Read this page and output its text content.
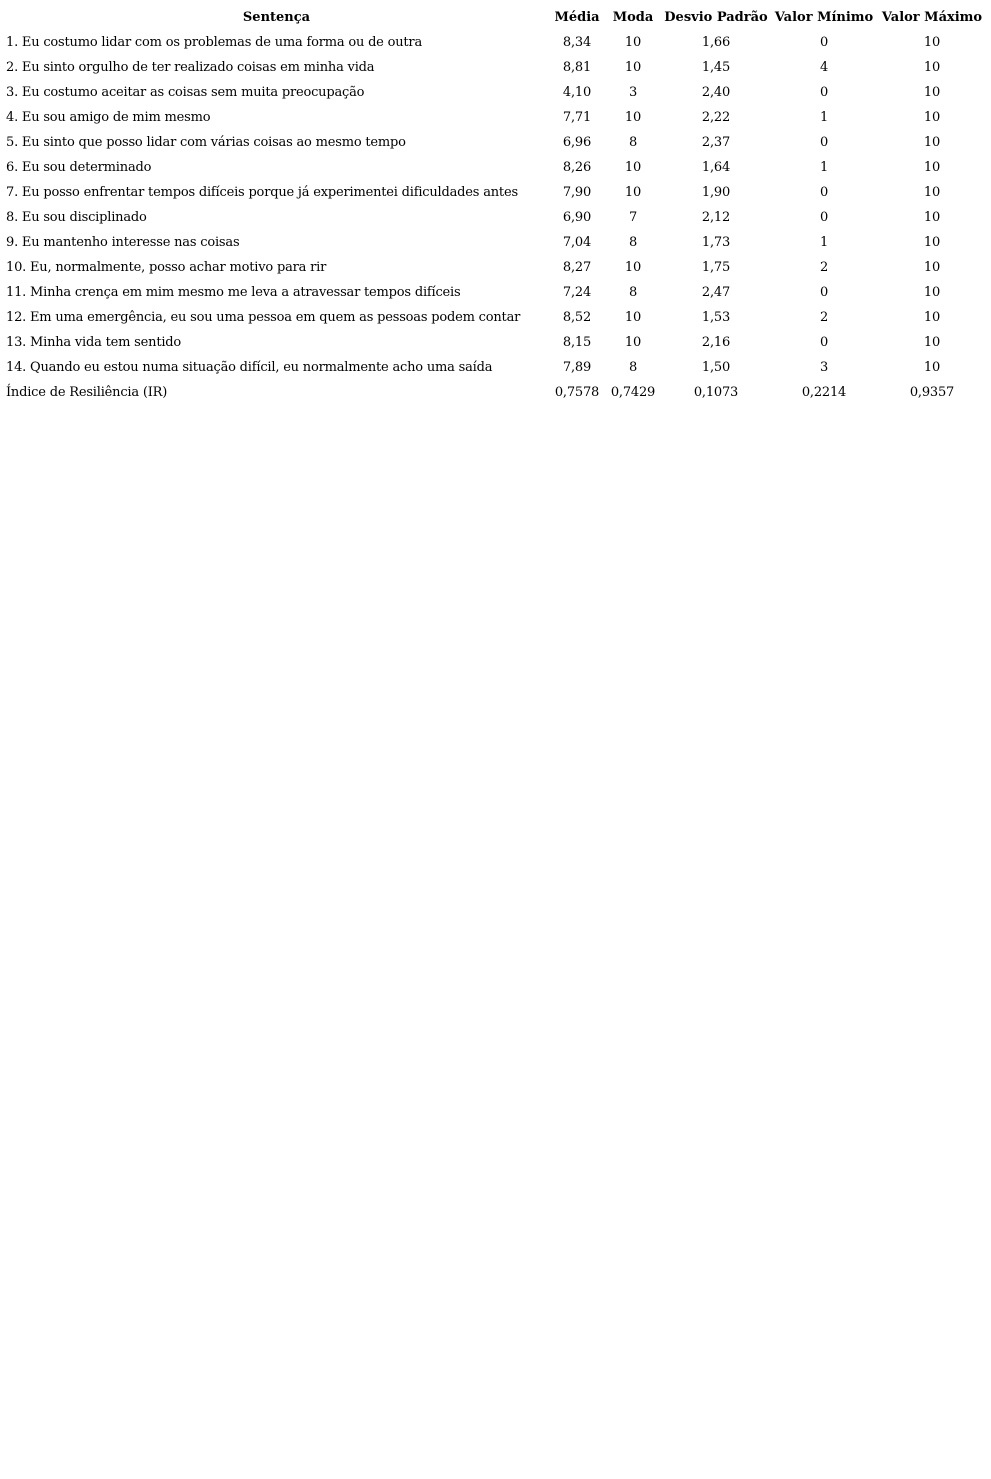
Sentença	Média	Moda	Desvio Padrão	Valor Mínimo	Valor Máximo
1. Eu costumo lidar com os problemas de uma forma ou de outra	8,34	10	1,66	0	10
2. Eu sinto orgulho de ter realizado coisas em minha vida	8,81	10	1,45	4	10
3. Eu costumo aceitar as coisas sem muita preocupação	4,10	3	2,40	0	10
4. Eu sou amigo de mim mesmo	7,71	10	2,22	1	10
5. Eu sinto que posso lidar com várias coisas ao mesmo tempo	6,96	8	2,37	0	10
6. Eu sou determinado	8,26	10	1,64	1	10
7. Eu posso enfrentar tempos difíceis porque já experimentei dificuldades antes	7,90	10	1,90	0	10
8. Eu sou disciplinado	6,90	7	2,12	0	10
9. Eu mantenho interesse nas coisas	7,04	8	1,73	1	10
10. Eu, normalmente, posso achar motivo para rir	8,27	10	1,75	2	10
11. Minha crença em mim mesmo me leva a atravessar tempos difíceis	7,24	8	2,47	0	10
12. Em uma emergência, eu sou uma pessoa em quem as pessoas podem contar	8,52	10	1,53	2	10
13. Minha vida tem sentido	8,15	10	2,16	0	10
14. Quando eu estou numa situação difícil, eu normalmente acho uma saída	7,89	8	1,50	3	10
Índice de Resiliência (IR)	0,7578	0,7429	0,1073	0,2214	0,9357
